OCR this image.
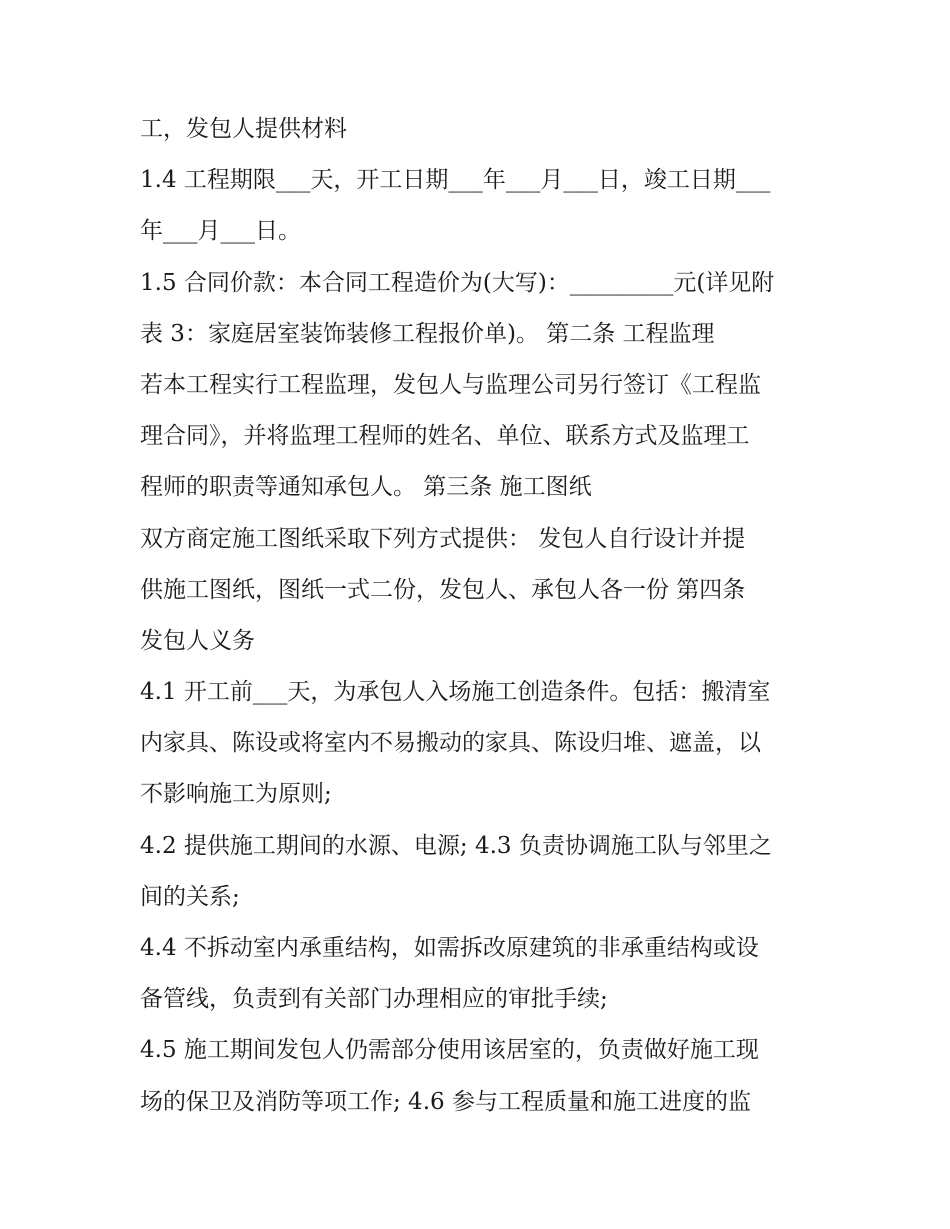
工，发包人提供材料
1.4 工程期限___天，开工日期___年___月___日，竣工日期___
年___月___日。
1.5 合同价款：本合同工程造价为(大写)：_________元(详见附
表 3：家庭居室装饰装修工程报价单)。 第二条 工程监理
若本工程实行工程监理，发包人与监理公司另行签订《工程监
理合同》，并将监理工程师的姓名、单位、联系方式及监理工
程师的职责等通知承包人。 第三条 施工图纸
双方商定施工图纸采取下列方式提供： 发包人自行设计并提
供施工图纸，图纸一式二份，发包人、承包人各一份 第四条
发包人义务
4.1 开工前___天，为承包人入场施工创造条件。包括：搬清室
内家具、陈设或将室内不易搬动的家具、陈设归堆、遮盖，以
不影响施工为原则;
4.2 提供施工期间的水源、电源; 4.3 负责协调施工队与邻里之
间的关系;
4.4 不拆动室内承重结构，如需拆改原建筑的非承重结构或设
备管线，负责到有关部门办理相应的审批手续;
4.5 施工期间发包人仍需部分使用该居室的，负责做好施工现
场的保卫及消防等项工作; 4.6 参与工程质量和施工进度的监
